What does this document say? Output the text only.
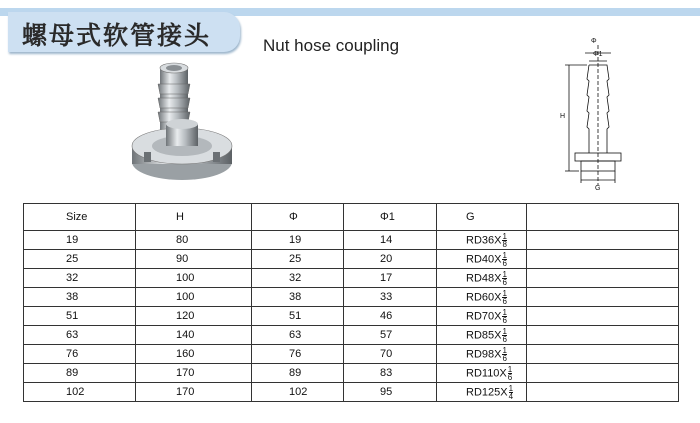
螺母式软管接头	Nut hose coupling	Φ
Φ1
H
G
Size	H	Φ	Φ1	G	
19	80	19	14	$RD36X \frac{1}{8}$

25	90	25	20	$RD40X \frac{1}{6}$

32	100	32	17	$RD48X \frac{1}{6}$

38	100	38	33	$RD60X \frac{1}{6}$

51	120	51	46	$RD70X \frac{1}{6}$

63	140	63	57	$RD85X \frac{1}{6}$

76	160	76	70	$RD98X \frac{1}{6}$

89	170	89	83	$RD110X \frac{1}{6}$

102	170	102	95	$RD125X \frac{1}{4}$
